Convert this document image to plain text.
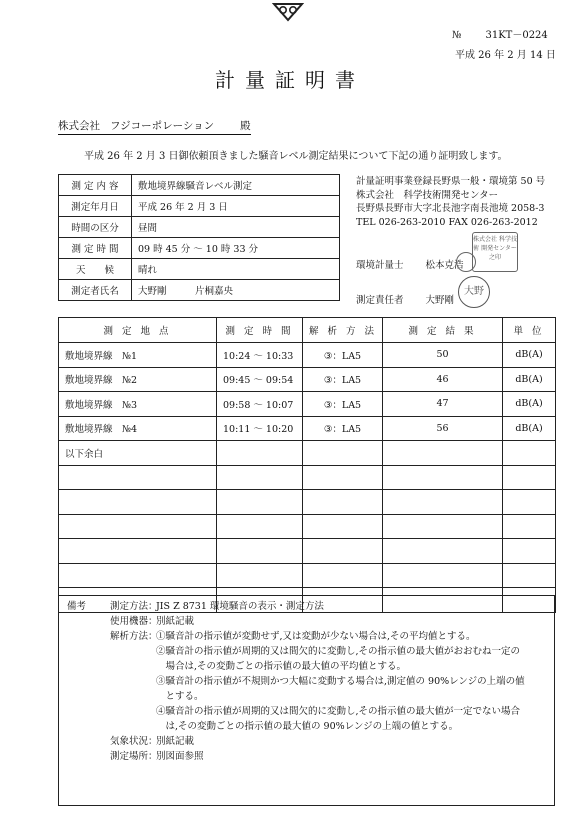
№ 31KT－0224
平成 26 年 2 月 14 日
計量証明書
株式会社 フジコーポレーション 殿
平成 26 年 2 月 3 日御依頼頂きました騒音レベル測定結果について下記の通り証明致します。
測 定 内 容	敷地境界線騒音レベル測定
測定年月日	平成 26 年 2 月 3 日
時間の区分	昼間
測 定 時 間	09 時 45 分 ～ 10 時 33 分
天　　候	晴れ
測定者氏名	大野剛　　　片桐嘉央
計量証明事業登録長野県一般・環境第 50 号
株式会社　科学技術開発センター
長野県長野市大字北長池字南長池境 2058-3
TEL 026-263-2010 FAX 026-263-2012
株式会社 科学技術 開発センター 之印
環境計量士 松本克浩
測定責任者 大野剛
大野
測 定 地 点	測 定 時 間	解 析 方 法	測 定 結 果	単 位
敷地境界線　№1	10:24 ～ 10:33	③：LA5	50	dB(A)
敷地境界線　№2	09:45 ～ 09:54	③：LA5	46	dB(A)
敷地境界線　№3	09:58 ～ 10:07	③：LA5	47	dB(A)
敷地境界線　№4	10:11 ～ 10:20	③：LA5	56	dB(A)
以下余白				

備考	測定方法：
JIS Z 8731 環境騒音の表示・測定方法
使用機器：
別紙記載
解析方法：
①騒音計の指示値が変動せず,又は変動が少ない場合は,その平均値とする。
②騒音計の指示値が周期的又は間欠的に変動し,その指示値の最大値がおおむね一定の
　場合は,その変動ごとの指示値の最大値の平均値とする。
③騒音計の指示値が不規則かつ大幅に変動する場合は,測定値の 90%レンジの上端の値
　とする。
④騒音計の指示値が周期的又は間欠的に変動し,その指示値の最大値が一定でない場合
　は,その変動ごとの指示値の最大値の 90%レンジの上端の値とする。
気象状況：
別紙記載
測定場所：
別図面参照
